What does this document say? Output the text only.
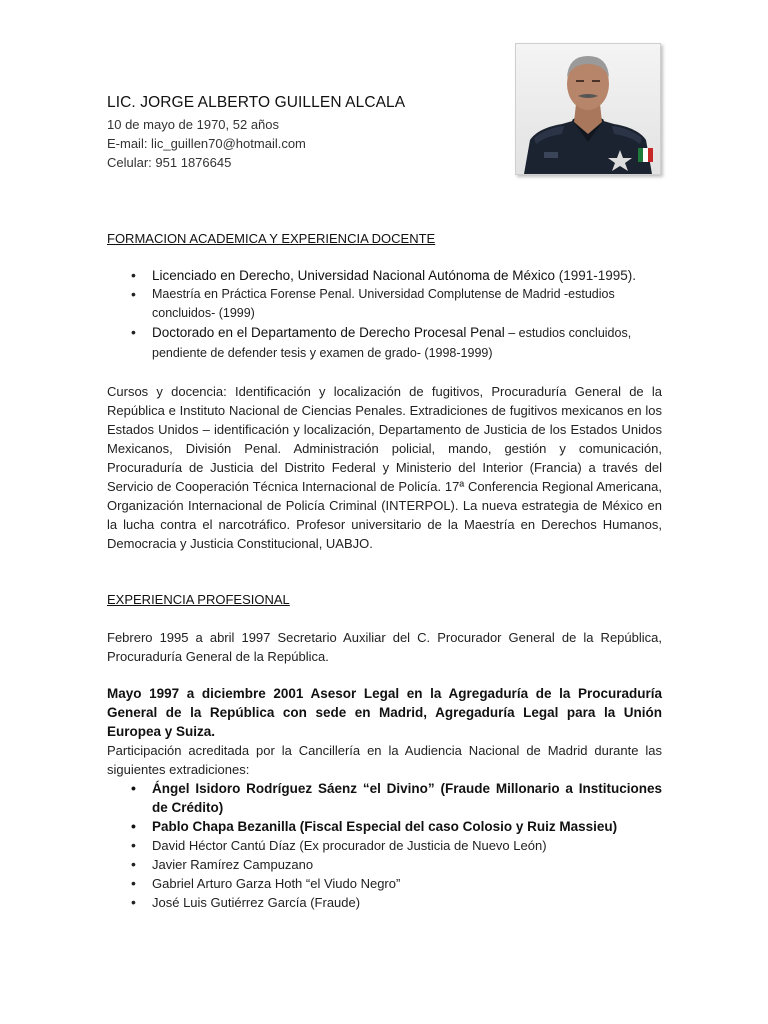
LIC. JORGE ALBERTO GUILLEN ALCALA
10 de mayo de 1970, 52 años
E-mail: lic_guillen70@hotmail.com
Celular: 951 1876645
FORMACION ACADEMICA Y EXPERIENCIA DOCENTE
• Licenciado en Derecho, Universidad Nacional Autónoma de México (1991-1995).
• Maestría en Práctica Forense Penal. Universidad Complutense de Madrid -estudios concluidos- (1999)
• Doctorado en el Departamento de Derecho Procesal Penal – estudios concluidos, pendiente de defender tesis y examen de grado- (1998-1999)
Cursos y docencia: Identificación y localización de fugitivos, Procuraduría General de la República e Instituto Nacional de Ciencias Penales. Extradiciones de fugitivos mexicanos en los Estados Unidos – identificación y localización, Departamento de Justicia de los Estados Unidos Mexicanos, División Penal. Administración policial, mando, gestión y comunicación, Procuraduría de Justicia del Distrito Federal y Ministerio del Interior (Francia) a través del Servicio de Cooperación Técnica Internacional de Policía. 17ª Conferencia Regional Americana, Organización Internacional de Policía Criminal (INTERPOL). La nueva estrategia de México en la lucha contra el narcotráfico. Profesor universitario de la Maestría en Derechos Humanos, Democracia y Justicia Constitucional, UABJO.
EXPERIENCIA PROFESIONAL
Febrero 1995 a abril 1997 Secretario Auxiliar del C. Procurador General de la República, Procuraduría General de la República.
Mayo 1997 a diciembre 2001 Asesor Legal en la Agregaduría de la Procuraduría General de la República con sede en Madrid, Agregaduría Legal para la Unión Europea y Suiza.
Participación acreditada por la Cancillería en la Audiencia Nacional de Madrid durante las siguientes extradiciones:
• Ángel Isidoro Rodríguez Sáenz “el Divino” (Fraude Millonario a Instituciones de Crédito)
• Pablo Chapa Bezanilla (Fiscal Especial del caso Colosio y Ruiz Massieu)
• David Héctor Cantú Díaz (Ex procurador de Justicia de Nuevo León)
• Javier Ramírez Campuzano
• Gabriel Arturo Garza Hoth “el Viudo Negro”
• José Luis Gutiérrez García (Fraude)
